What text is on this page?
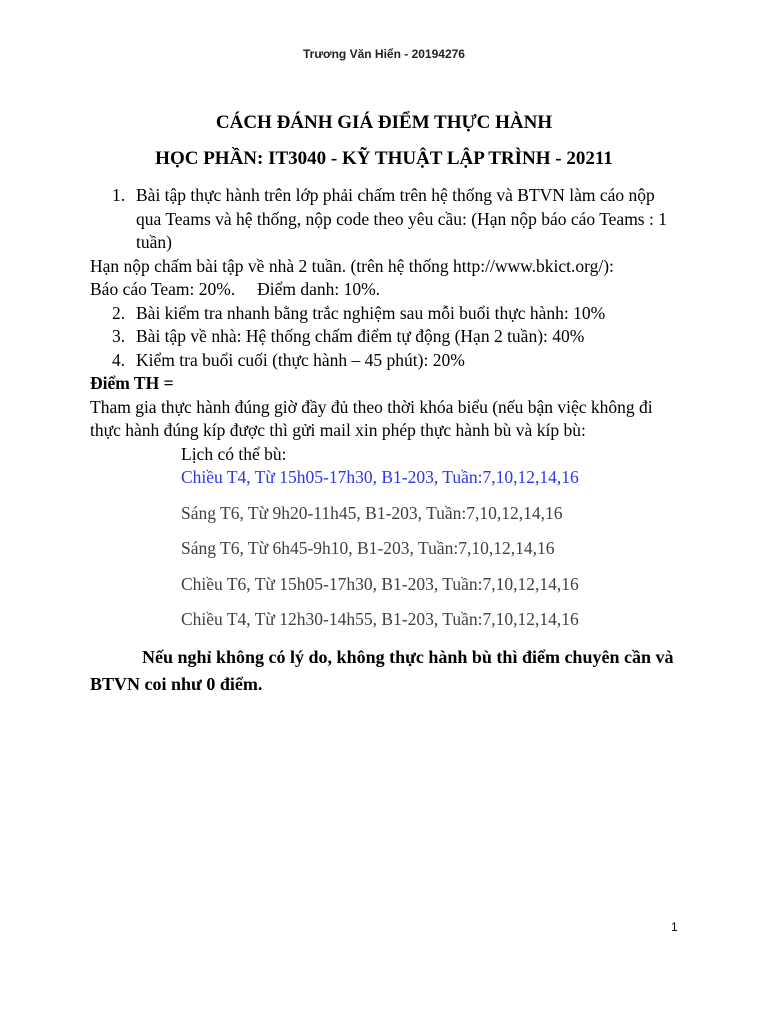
Trương Văn Hiển - 20194276
CÁCH ĐÁNH GIÁ ĐIỂM THỰC HÀNH
HỌC PHẦN: IT3040 - KỸ THUẬT LẬP TRÌNH - 20211
1. Bài tập thực hành trên lớp phải chấm trên hệ thống và BTVN làm cáo nộp qua Teams và hệ thống, nộp code theo yêu cầu: (Hạn nộp báo cáo Teams : 1 tuần)

Hạn nộp chấm bài tập về nhà 2 tuần. (trên hệ thống http://www.bkict.org/):

Báo cáo Team: 20%.     Điểm danh: 10%.

2. Bài kiểm tra nhanh bằng trắc nghiệm sau mỗi buổi thực hành: 10%
3. Bài tập về nhà: Hệ thống chấm điểm tự động (Hạn 2 tuần): 40%
4. Kiểm tra buổi cuối (thực hành – 45 phút): 20%

Điểm TH =

Tham gia thực hành đúng giờ đầy đủ theo thời khóa biểu (nếu bận việc không đi thực hành đúng kíp được thì gửi mail xin phép thực hành bù và kíp bù:

Lịch có thể bù:

Chiều T4, Từ 15h05-17h30, B1-203, Tuần:7,10,12,14,16

Sáng T6, Từ 9h20-11h45, B1-203, Tuần:7,10,12,14,16

Sáng T6, Từ 6h45-9h10, B1-203, Tuần:7,10,12,14,16

Chiều T6, Từ 15h05-17h30, B1-203, Tuần:7,10,12,14,16

Chiều T4, Từ 12h30-14h55, B1-203, Tuần:7,10,12,14,16

Nếu nghỉ không có lý do, không thực hành bù thì điểm chuyên cần và BTVN coi như 0 điểm.

1
